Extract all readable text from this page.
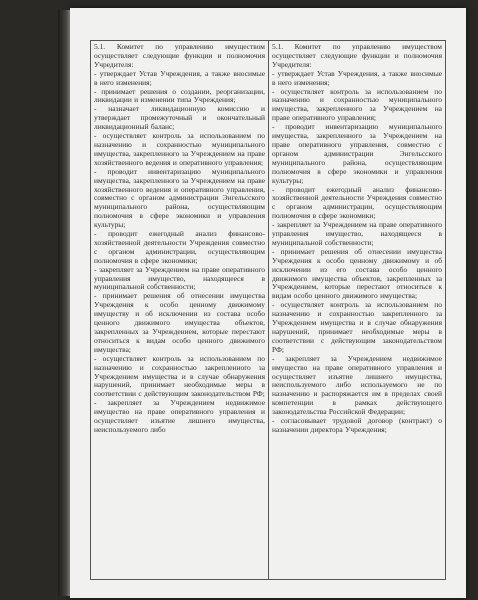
5.1. Комитет по управлению имуществом осуществляет следующие функции и полномочия Учредителя:

- утверждает Устав Учреждения, а также вносимые в него изменения;

- принимает решения о создании, реорганизации, ликвидации и изменении типа Учреждения;

- назначает ликвидационную комиссию и утверждает промежуточный и окончательный ликвидационный баланс;

- осуществляет контроль за использованием по назначению и сохранностью муниципального имущества, закрепленного за Учреждением на праве хозяйственного ведения и оперативного управления;

- проводит инвентаризацию муниципального имущества, закрепленного за Учреждением на праве хозяйственного ведения и оперативного управления, совместно с органом администрации Энгельсского муниципального района, осуществляющим полномочия в сфере экономики и управления культуры;

- проводит ежегодный анализ финансово-хозяйственной деятельности Учреждения совместно с органом администрации, осуществляющим полномочия в сфере экономики;

- закрепляет за Учреждением на праве оперативного управления имущество, находящееся в муниципальной собственности;

- принимает решения об отнесении имущества Учреждения к особо ценному движимому имуществу и об исключении из состава особо ценного движимого имущества объектов, закрепленных за Учреждением, которые перестают относиться к видам особо ценного движимого имущества;

- осуществляет контроль за использованием по назначению и сохранностью закрепленного за Учреждением имущества и в случае обнаружения нарушений, принимает необходимые меры в соответствии с действующим законодательством РФ;

- закрепляет за Учреждением недвижимое имущество на праве оперативного управления и осуществляет изъятие лишнего имущества, неиспользуемого либо

5.1. Комитет по управлению имуществом осуществляет следующие функции и полномочия Учредителя:

- утверждает Устав Учреждения, а также вносимые в него изменения;

- осуществляет контроль за использованием по назначению и сохранностью муниципального имущества, закрепленного за Учреждением на праве оперативного управления;

- проводит инвентаризацию муниципального имущества, закрепленного за Учреждением на праве оперативного управления, совместно с органом администрации Энгельсского муниципального района, осуществляющим полномочия в сфере экономики и управления культуры;

- проводит ежегодный анализ финансово-хозяйственной деятельности Учреждения совместно с органом администрации, осуществляющим полномочия в сфере экономики;

- закрепляет за Учреждением на праве оперативного управления имущество, находящееся в муниципальной собственности;

- принимает решения об отнесении имущества Учреждения к особо ценному движимому и об исключении из его состава особо ценного движимого имущества объектов, закрепленных за Учреждением, которые перестают относиться к видам особо ценного движимого имущества;

- осуществляет контроль за использованием по назначению и сохранностью закрепленного за Учреждением имущества и в случае обнаружения нарушений, принимает необходимые меры в соответствии с действующим законодательством РФ;

- закрепляет за Учреждением недвижимое имущество на праве оперативного управления и осуществляет изъятие лишнего имущества, неиспользуемого либо используемого не по назначению и распоряжается им в пределах своей компетенции в рамках действующего законодательства Российской Федерации;

- согласовывает трудовой договор (контракт) о назначении директора Учреждения;
